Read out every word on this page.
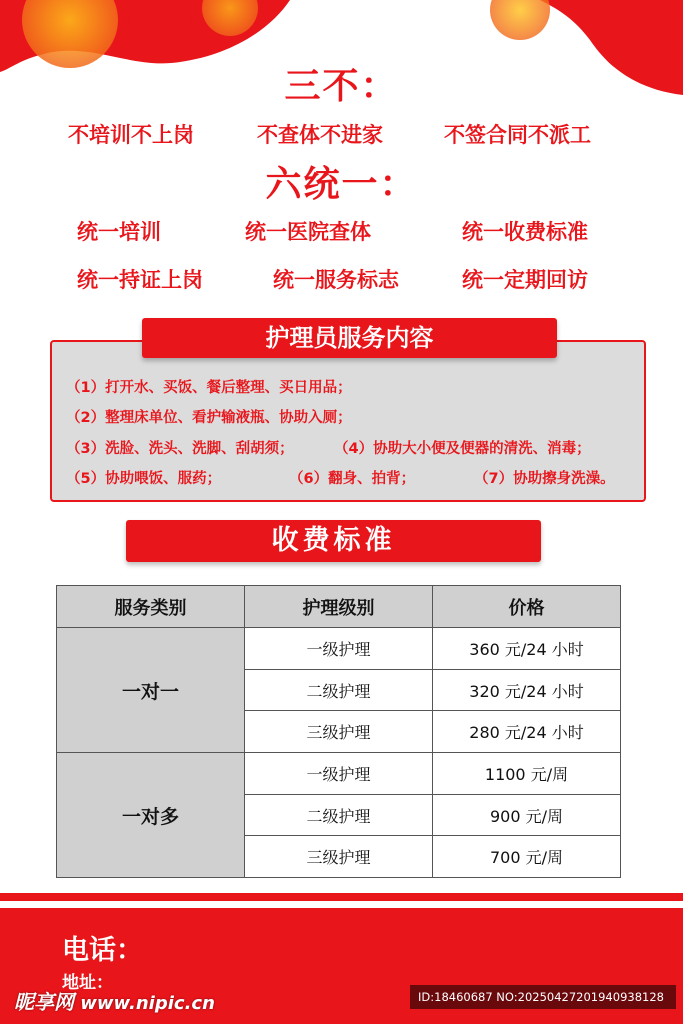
三不：
不培训不上岗	不查体不进家	不签合同不派工
六统一：
统一培训	统一医院查体	统一收费标准
统一持证上岗	统一服务标志	统一定期回访
（1）打开水、买饭、餐后整理、买日用品；
（2）整理床单位、看护输液瓶、协助入厕；
（3）洗脸、洗头、洗脚、刮胡须；	（4）协助大小便及便器的清洗、消毒；
（5）协助喂饭、服药；	（6）翻身、拍背；	（7）协助擦身洗澡。
护理员服务内容
收费标准
服务类别	护理级别	价格
一对一	一级护理	360 元/24 小时
	二级护理	320 元/24 小时
	三级护理	280 元/24 小时
一对多	一级护理	1100 元/周
	二级护理	900 元/周
	三级护理	700 元/周
电话：
地址：
昵享网 www.nipic.cn	ID:18460687 NO:20250427201940938128
